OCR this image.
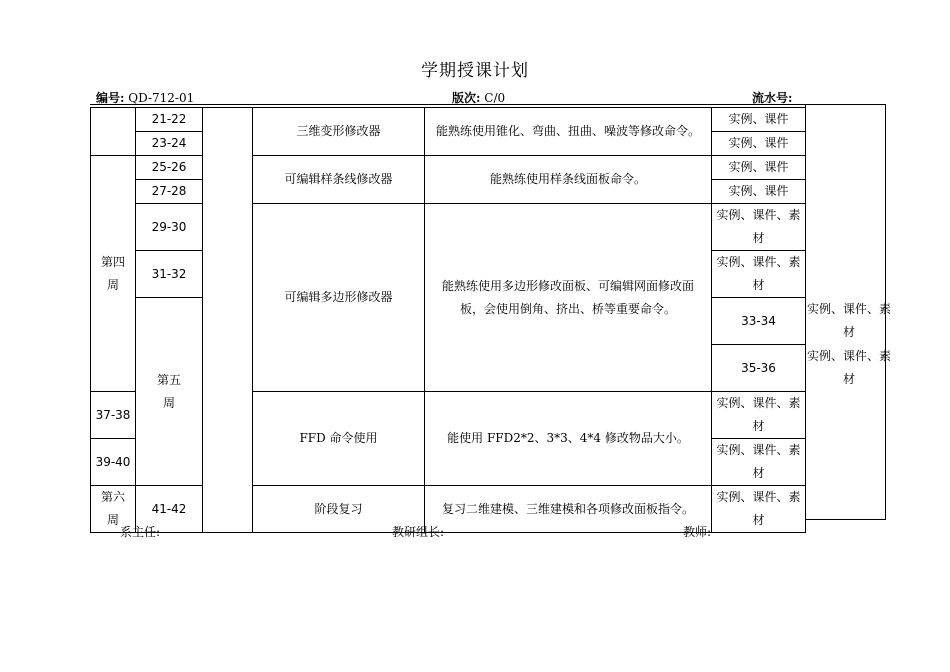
学期授课计划
编号: QD-712-01	版次: C/0	流水号:
	21-22		三维变形修改器	能熟练使用锥化、弯曲、扭曲、噪波等修改命令。	实例、课件	
	23-24				实例、课件	

第四周	25-26		可编辑样条线修改器	能熟练使用样条线面板命令。	实例、课件	
	27-28				实例、课件	
	29-30		可编辑多边形修改器	能熟练使用多边形修改面板、可编辑网面修改面板，会使用倒角、挤出、桥等重要命令。	实例、课件、素材	

	31-32				实例、课件、素材	

	第五周				33-34	实例、课件、素材

					35-36	实例、课件、素材

37-38			FFD 命令使用	能使用 FFD2*2、3*3、4*4 修改物品大小。	实例、课件、素材	

39-40					实例、课件、素材	

第六周	41-42		阶段复习	复习二维建模、三维建模和各项修改面板指令。	实例、课件、素材	
系主任:	教研组长:	教师:
